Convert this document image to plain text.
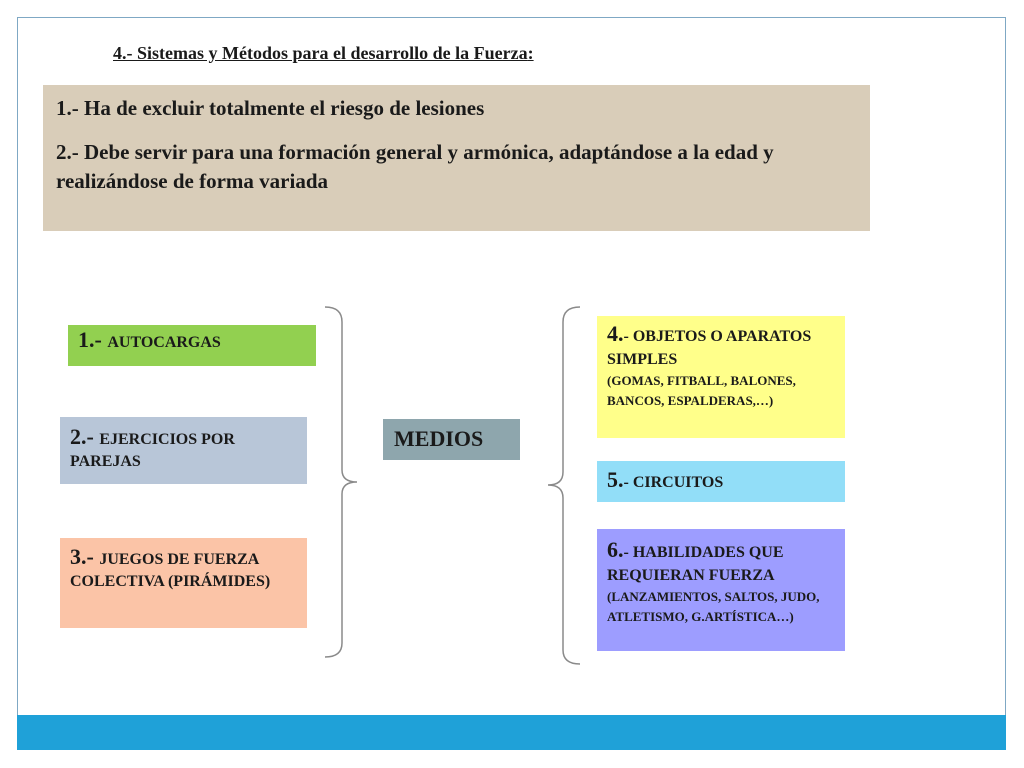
4.- Sistemas y Métodos para el desarrollo de la Fuerza:

1.- Ha de excluir totalmente el riesgo de lesiones

2.- Debe servir para una formación general y armónica, adaptándose a la edad y realizándose de forma variada

1.- AUTOCARGAS
2.- EJERCICIOS POR PAREJAS
3.- JUEGOS DE FUERZA COLECTIVA (PIRÁMIDES)
MEDIOS
4.- OBJETOS O APARATOS SIMPLES
(GOMAS, FITBALL, BALONES, BANCOS, ESPALDERAS,…)
5.- CIRCUITOS
6.- HABILIDADES QUE REQUIERAN FUERZA
(LANZAMIENTOS, SALTOS, JUDO, ATLETISMO, G.ARTÍSTICA…)
